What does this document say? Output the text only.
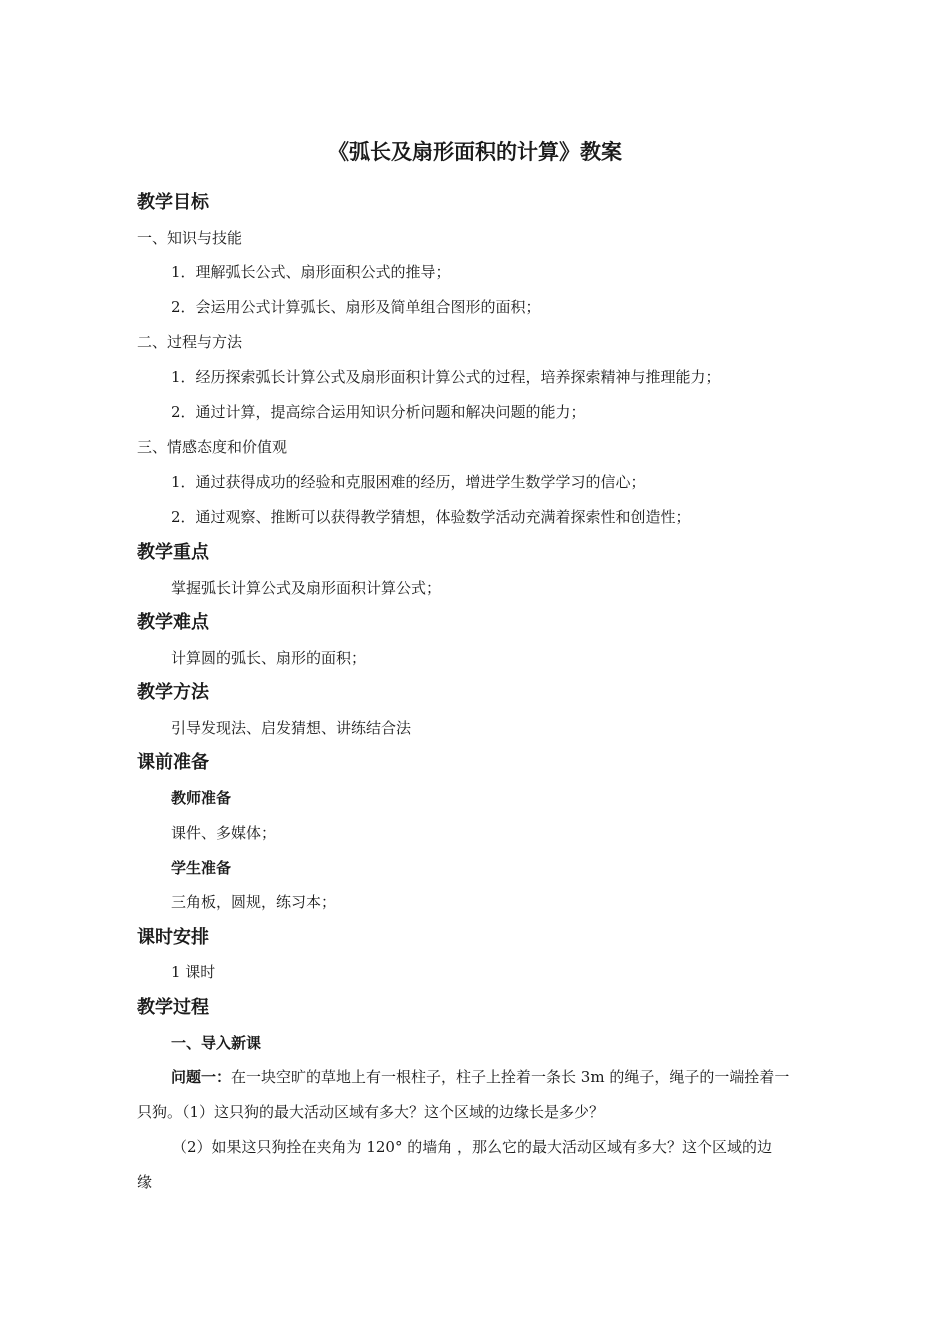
《弧长及扇形面积的计算》教案
教学目标
一、知识与技能
1．理解弧长公式、扇形面积公式的推导；
2．会运用公式计算弧长、扇形及简单组合图形的面积；
二、过程与方法
1．经历探索弧长计算公式及扇形面积计算公式的过程，培养探索精神与推理能力；
2．通过计算，提高综合运用知识分析问题和解决问题的能力；
三、情感态度和价值观
1．通过获得成功的经验和克服困难的经历，增进学生数学学习的信心；
2．通过观察、推断可以获得教学猜想，体验数学活动充满着探索性和创造性；
教学重点
掌握弧长计算公式及扇形面积计算公式；
教学难点
计算圆的弧长、扇形的面积；
教学方法
引导发现法、启发猜想、讲练结合法
课前准备
教师准备
课件、多媒体；
学生准备
三角板，圆规，练习本；
课时安排
1 课时
教学过程
一、导入新课
问题一：在一块空旷的草地上有一根柱子，柱子上拴着一条长 3m 的绳子，绳子的一端拴着一
只狗。（1）这只狗的最大活动区域有多大？这个区域的边缘长是多少？
（2）如果这只狗拴在夹角为 120° 的墙角 ，那么它的最大活动区域有多大？这个区域的边
缘
